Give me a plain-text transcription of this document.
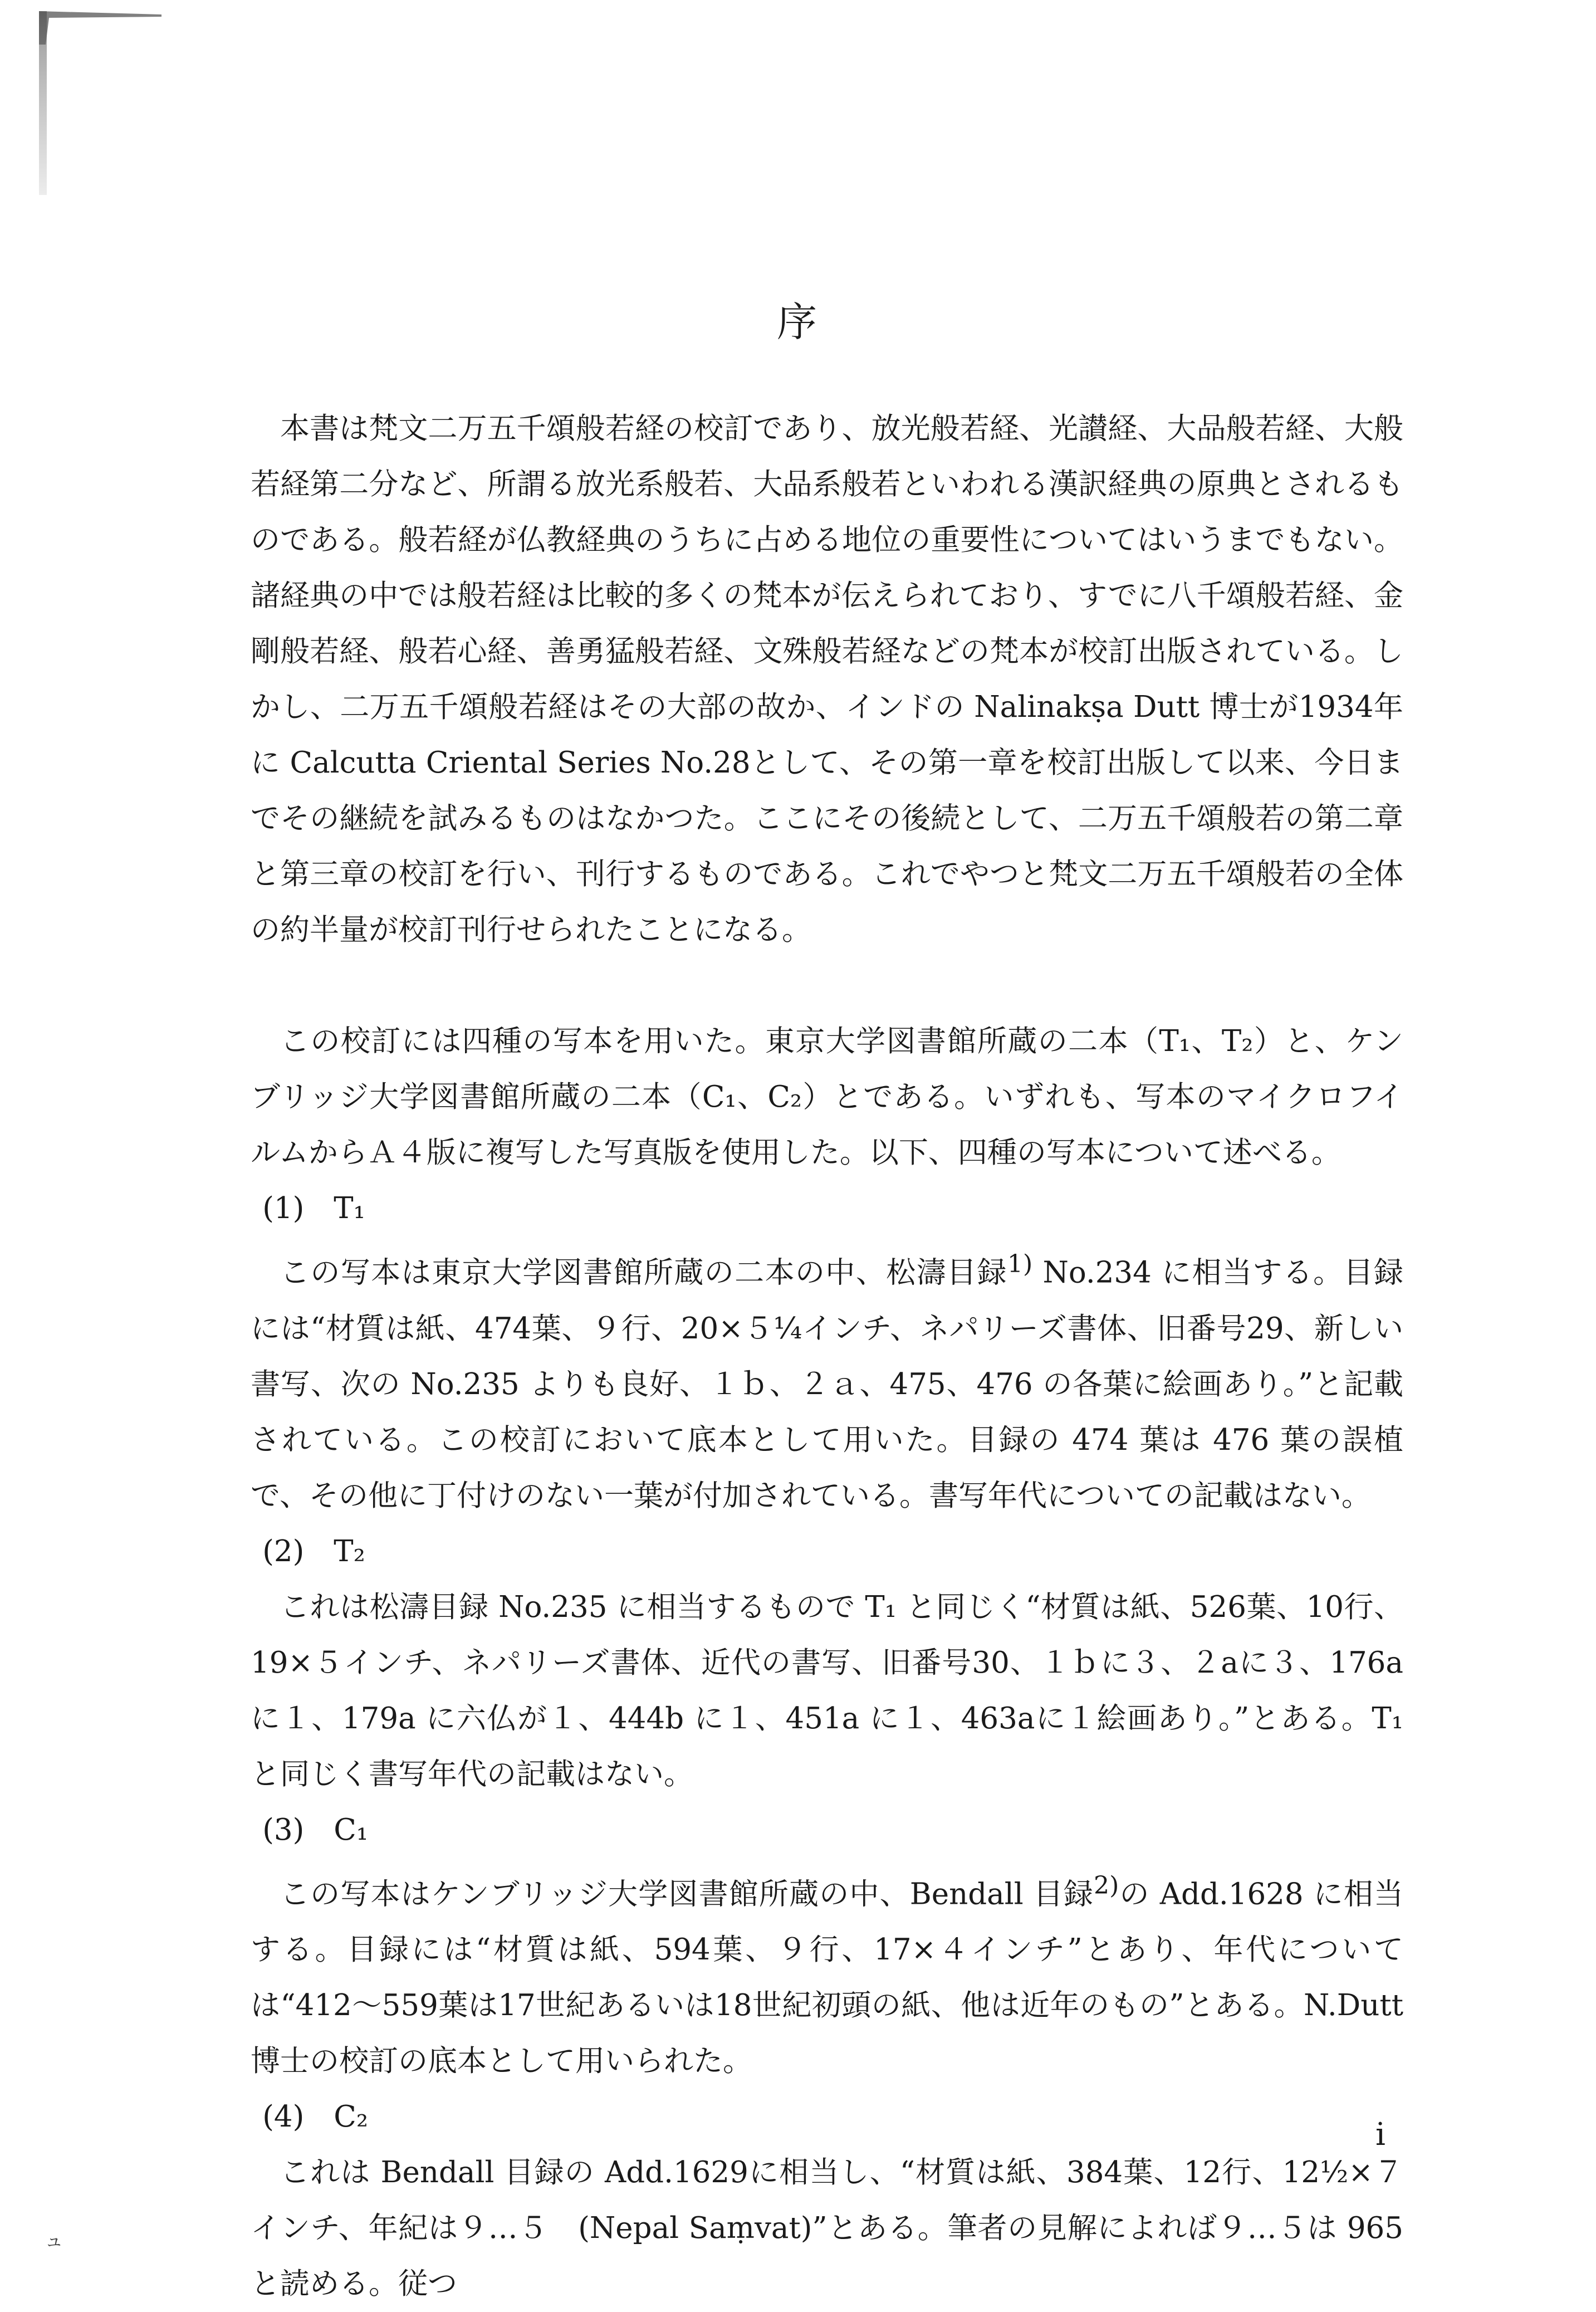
序

本書は梵文二万五千頌般若経の校訂であり、放光般若経、光讃経、大品般若経、大般若経第二分など、所謂る放光系般若、大品系般若といわれる漢訳経典の原典とされるものである。般若経が仏教経典のうちに占める地位の重要性についてはいうまでもない。諸経典の中では般若経は比較的多くの梵本が伝えられており、すでに八千頌般若経、金剛般若経、般若心経、善勇猛般若経、文殊般若経などの梵本が校訂出版されている。しかし、二万五千頌般若経はその大部の故か、インドの Nalinakṣa Dutt 博士が1934年に Calcutta Criental Series No.28として、その第一章を校訂出版して以来、今日までその継続を試みるものはなかつた。ここにその後続として、二万五千頌般若の第二章と第三章の校訂を行い、刊行するものである。これでやつと梵文二万五千頌般若の全体の約半量が校訂刊行せられたことになる。

この校訂には四種の写本を用いた。東京大学図書館所蔵の二本（T₁、T₂）と、ケンブリッジ大学図書館所蔵の二本（C₁、C₂）とである。いずれも、写本のマイクロフイルムからＡ４版に複写した写真版を使用した。以下、四種の写本について述べる。

(1)　T₁

この写本は東京大学図書館所蔵の二本の中、松濤目録$^{1)}$ No.234 に相当する。目録には“材質は紙、474葉、９行、20×５¼インチ、ネパリーズ書体、旧番号29、新しい書写、次の No.235 よりも良好、１ｂ、２ａ、475、476 の各葉に絵画あり。”と記載されている。この校訂において底本として用いた。目録の 474 葉は 476 葉の誤植で、その他に丁付けのない一葉が付加されている。書写年代についての記載はない。

(2)　T₂

これは松濤目録 No.235 に相当するもので T₁ と同じく“材質は紙、526葉、10行、19×５インチ、ネパリーズ書体、近代の書写、旧番号30、１ｂに３、２aに３、176aに１、179a に六仏が１、444b に１、451a に１、463aに１絵画あり。”とある。T₁ と同じく書写年代の記載はない。

(3)　C₁

この写本はケンブリッジ大学図書館所蔵の中、Bendall 目録$^{2)}$の Add.1628 に相当する。目録には“材質は紙、594葉、９行、17×４インチ”とあり、年代については“412～559葉は17世紀あるいは18世紀初頭の紙、他は近年のもの”とある。N.Dutt 博士の校訂の底本として用いられた。

(4)　C₂

これは Bendall 目録の Add.1629に相当し、“材質は紙、384葉、12行、12½×７インチ、年紀は９…５　(Nepal Saṃvat)”とある。筆者の見解によれば９…５は 965 と読める。従つ

i
ュ
